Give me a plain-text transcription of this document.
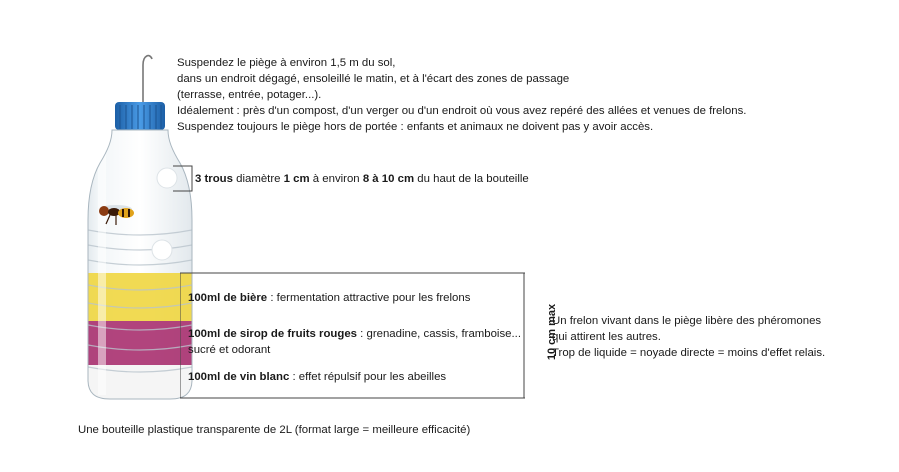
Suspendez le piège à environ 1,5 m du sol,
dans un endroit dégagé, ensoleillé le matin, et à l'écart des zones de passage
(terrasse, entrée, potager...).
Idéalement : près d'un compost, d'un verger ou d'un endroit où vous avez repéré des allées et venues de frelons.
Suspendez toujours le piège hors de portée : enfants et animaux ne doivent pas y avoir accès.
3 trous diamètre 1 cm à environ 8 à 10 cm du haut de la bouteille
100ml de bière : fermentation attractive pour les frelons
100ml de sirop de fruits rouges : grenadine, cassis, framboise...
sucré et odorant
100ml de vin blanc : effet répulsif pour les abeilles
10 cm max
Un frelon vivant dans le piège libère des phéromones
qui attirent les autres.
Trop de liquide = noyade directe = moins d'effet relais.
Une bouteille plastique transparente de 2L (format large = meilleure efficacité)
